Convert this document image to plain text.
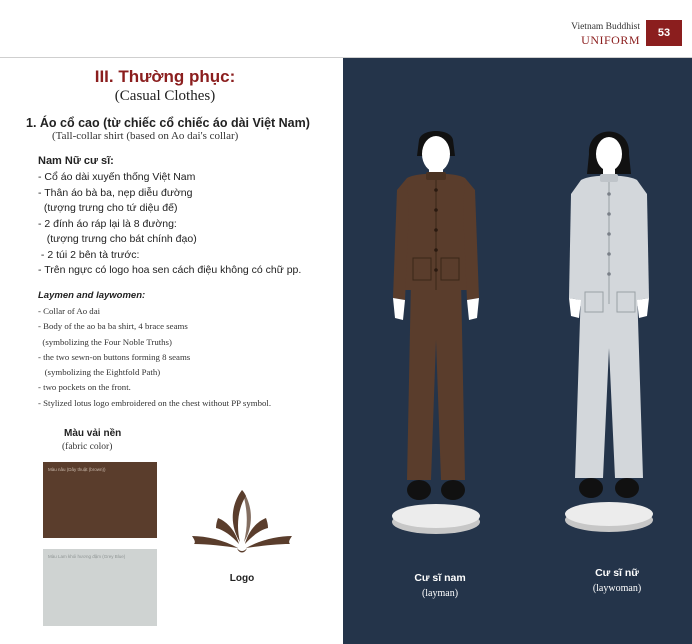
Vietnam Buddhist
UNIFORM	53
III. Thường phục:
(Casual Clothes)
1. Áo cổ cao (từ chiếc cổ chiếc áo dài Việt Nam)
(Tall-collar shirt (based on Ao dai's collar)
Nam Nữ cư sĩ:
- Cổ áo dài xuyến thống Việt Nam
- Thân áo bà ba, nẹp diễu đường
(tượng trưng cho tứ diệu đế)
- 2 đính áo ráp lại là 8 đường:
(tượng trưng cho bát chính đạo)
- 2 túi 2 bên tà trước:
- Trên ngực có logo hoa sen cách điệu không có chữ pp.
Laymen and laywomen:
- Collar of Ao dai
- Body of the ao ba ba shirt, 4 brace seams
(symbolizing the Four Noble Truths)
- the two sewn-on buttons forming 8 seams
(symbolizing the Eightfold Path)
- two pockets on the front.
- Stylized lotus logo embroidered on the chest without PP symbol.
Màu vải nền
(fabric color)
Màu nâu (Dây thuật (brown))
Màu Lam khói hương đậm (Grey Blue)
Logo	Cư sĩ nam
(layman)
Cư sĩ nữ
(laywoman)
